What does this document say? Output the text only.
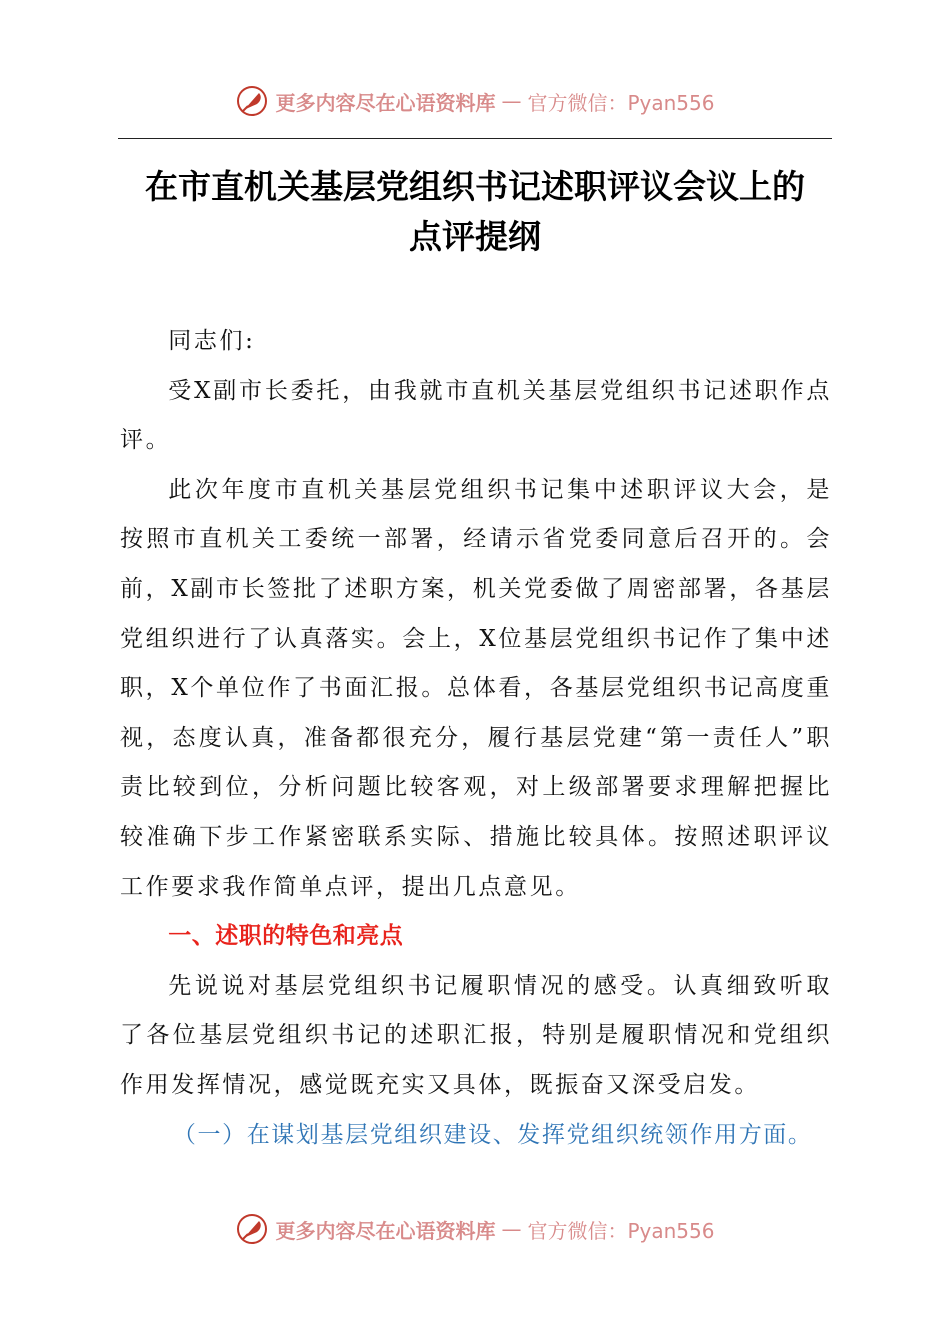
更多内容尽在心语资料库 — 官方微信：Pyan556
在市直机关基层党组织书记述职评议会议上的
点评提纲

同志们:

受X副市长委托，由我就市直机关基层党组织书记述职作点评。

此次年度市直机关基层党组织书记集中述职评议大会，是按照市直机关工委统一部署，经请示省党委同意后召开的。会前，X副市长签批了述职方案，机关党委做了周密部署，各基层党组织进行了认真落实。会上，X位基层党组织书记作了集中述职，X个单位作了书面汇报。总体看，各基层党组织书记高度重视，态度认真，准备都很充分，履行基层党建“第一责任人”职责比较到位，分析问题比较客观，对上级部署要求理解把握比较准确下步工作紧密联系实际、措施比较具体。按照述职评议工作要求我作简单点评，提出几点意见。

一、述职的特色和亮点

先说说对基层党组织书记履职情况的感受。认真细致听取了各位基层党组织书记的述职汇报，特别是履职情况和党组织作用发挥情况，感觉既充实又具体，既振奋又深受启发。

（一）在谋划基层党组织建设、发挥党组织统领作用方面。

更多内容尽在心语资料库 — 官方微信：Pyan556
